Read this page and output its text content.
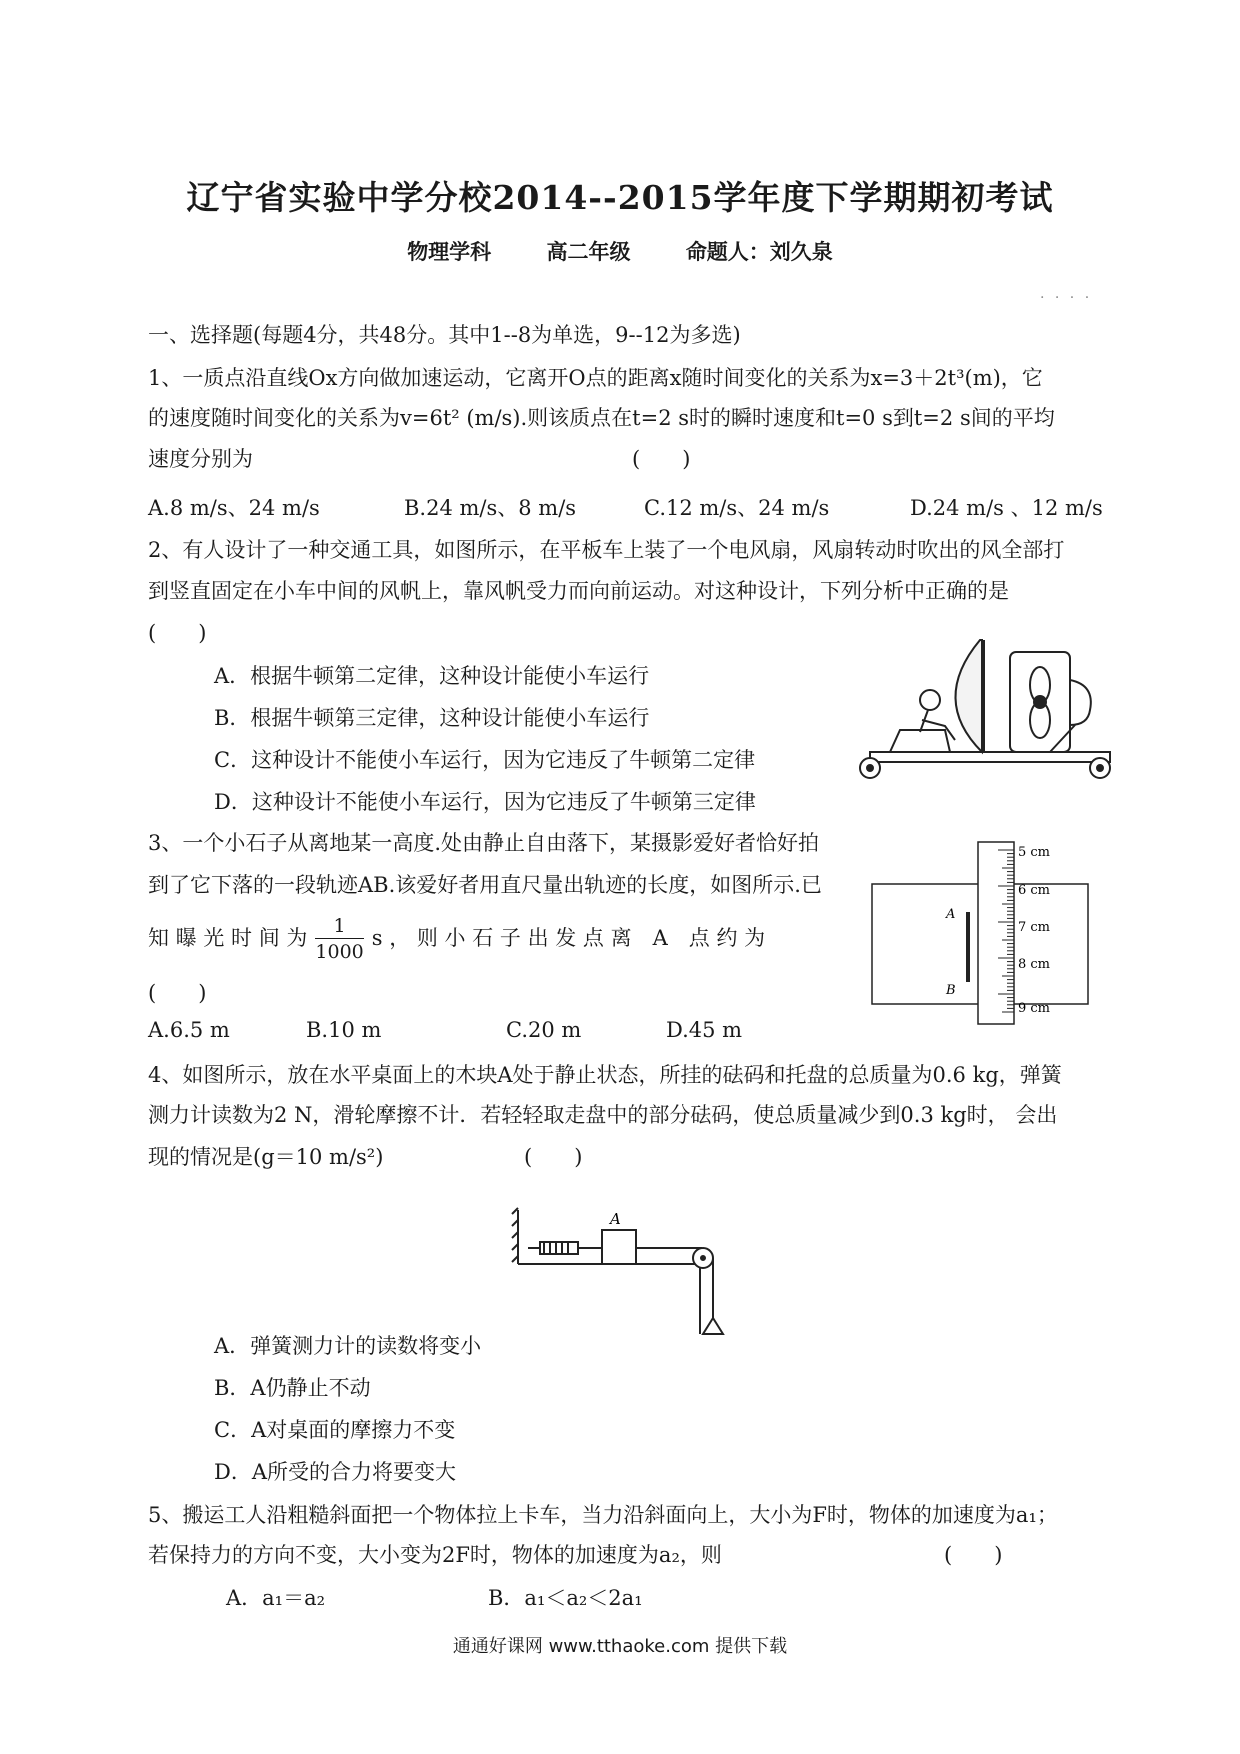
辽宁省实验中学分校2014--2015学年度下学期期初考试
物理学科	高二年级	命题人：刘久泉
. . . .
一、选择题(每题4分，共48分。其中1--8为单选，9--12为多选)
1、一质点沿直线Ox方向做加速运动，它离开O点的距离x随时间变化的关系为x=3＋2t³(m)，它
的速度随时间变化的关系为v=6t² (m/s).则该质点在t=2 s时的瞬时速度和t=0 s到t=2 s间的平均
速度分别为	(　　)
A.8 m/s、24 m/s	B.24 m/s、8 m/s	C.12 m/s、24 m/s	D.24 m/s 、12 m/s
2、有人设计了一种交通工具，如图所示，在平板车上装了一个电风扇，风扇转动时吹出的风全部打
到竖直固定在小车中间的风帆上，靠风帆受力而向前运动。对这种设计，下列分析中正确的是
(　　)
A．根据牛顿第二定律，这种设计能使小车运行
B．根据牛顿第三定律，这种设计能使小车运行
C．这种设计不能使小车运行，因为它违反了牛顿第二定律
D．这种设计不能使小车运行，因为它违反了牛顿第三定律
3、一个小石子从离地某一高度.处由静止自由落下，某摄影爱好者恰好拍
到了它下落的一段轨迹AB.该爱好者用直尺量出轨迹的长度，如图所示.已
知 曝 光 时 间 为 $\frac{1}{1000}$ s ， 则 小 石 子 出 发 点 离　A　点 约 为
(　　)
A.6.5 m	B.10 m	C.20 m	D.45 m
A
B
5 cm
6 cm
7 cm
8 cm
9 cm
4、如图所示，放在水平桌面上的木块A处于静止状态，所挂的砝码和托盘的总质量为0.6 kg，弹簧
测力计读数为2 N，滑轮摩擦不计．若轻轻取走盘中的部分砝码，使总质量减少到0.3 kg时， 会出
现的情况是(g＝10 m/s²)	(　　)
A
A．弹簧测力计的读数将变小
B．A仍静止不动
C．A对桌面的摩擦力不变
D．A所受的合力将要变大
5、搬运工人沿粗糙斜面把一个物体拉上卡车，当力沿斜面向上，大小为F时，物体的加速度为a₁；
若保持力的方向不变，大小变为2F时，物体的加速度为a₂，则	(　　)
A．a₁＝a₂	B．a₁＜a₂＜2a₁
通通好课网 www.tthaoke.com 提供下载
